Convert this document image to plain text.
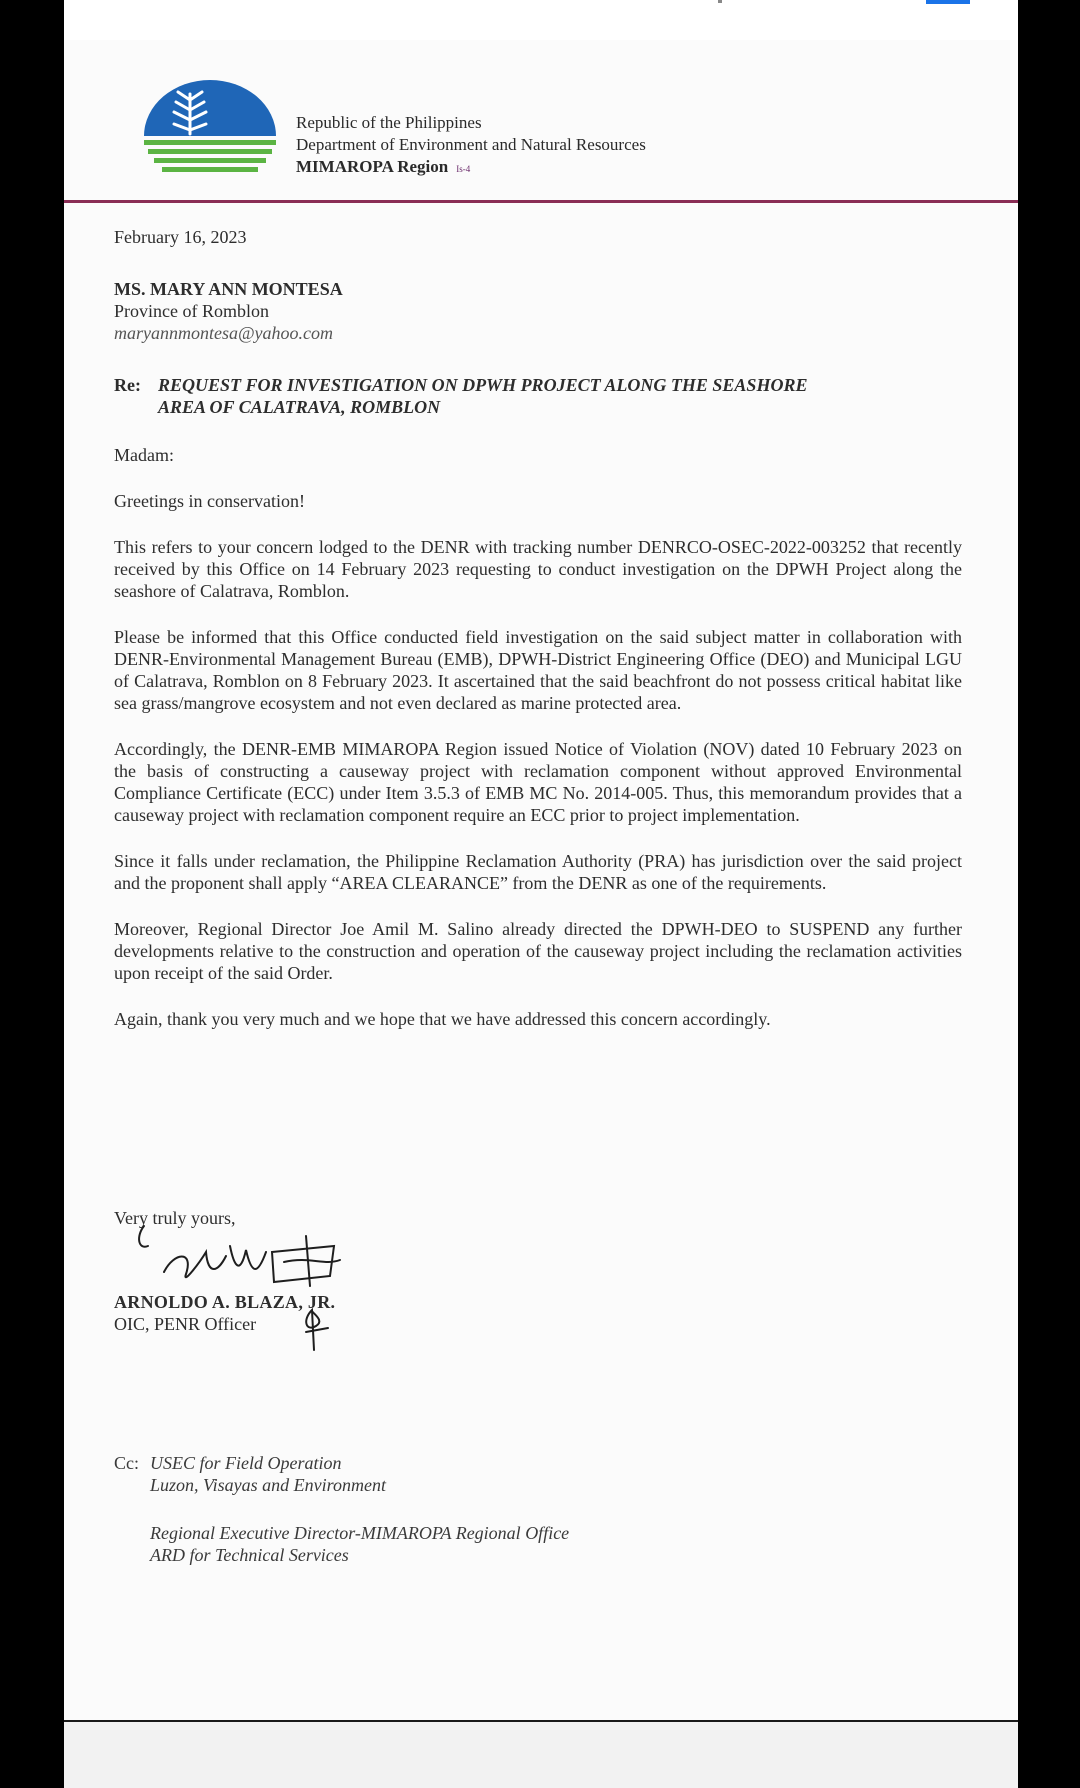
Republic of the Philippines
Department of Environment and Natural Resources
MIMAROPA Region Is-4

February 16, 2023

MS. MARY ANN MONTESA

Province of Romblon

maryannmontesa@yahoo.com

Re: REQUEST FOR INVESTIGATION ON DPWH PROJECT ALONG THE SEASHORE

AREA OF CALATRAVA, ROMBLON

Madam:

Greetings in conservation!

This refers to your concern lodged to the DENR with tracking number DENRCO-OSEC-2022-003252 that recently received by this Office on 14 February 2023 requesting to conduct investigation on the DPWH Project along the seashore of Calatrava, Romblon.

Please be informed that this Office conducted field investigation on the said subject matter in collaboration with DENR-Environmental Management Bureau (EMB), DPWH-District Engineering Office (DEO) and Municipal LGU of Calatrava, Romblon on 8 February 2023. It ascertained that the said beachfront do not possess critical habitat like sea grass/mangrove ecosystem and not even declared as marine protected area.

Accordingly, the DENR-EMB MIMAROPA Region issued Notice of Violation (NOV) dated 10 February 2023 on the basis of constructing a causeway project with reclamation component without approved Environmental Compliance Certificate (ECC) under Item 3.5.3 of EMB MC No. 2014-005. Thus, this memorandum provides that a causeway project with reclamation component require an ECC prior to project implementation.

Since it falls under reclamation, the Philippine Reclamation Authority (PRA) has jurisdiction over the said project and the proponent shall apply “AREA CLEARANCE” from the DENR as one of the requirements.

Moreover, Regional Director Joe Amil M. Salino already directed the DPWH-DEO to SUSPEND any further developments relative to the construction and operation of the causeway project including the reclamation activities upon receipt of the said Order.

Again, thank you very much and we hope that we have addressed this concern accordingly.

Very truly yours,
ARNOLDO A. BLAZA, JR.
OIC, PENR Officer
Cc: USEC for Field Operation
Luzon, Visayas and Environment
Regional Executive Director-MIMAROPA Regional Office
ARD for Technical Services
